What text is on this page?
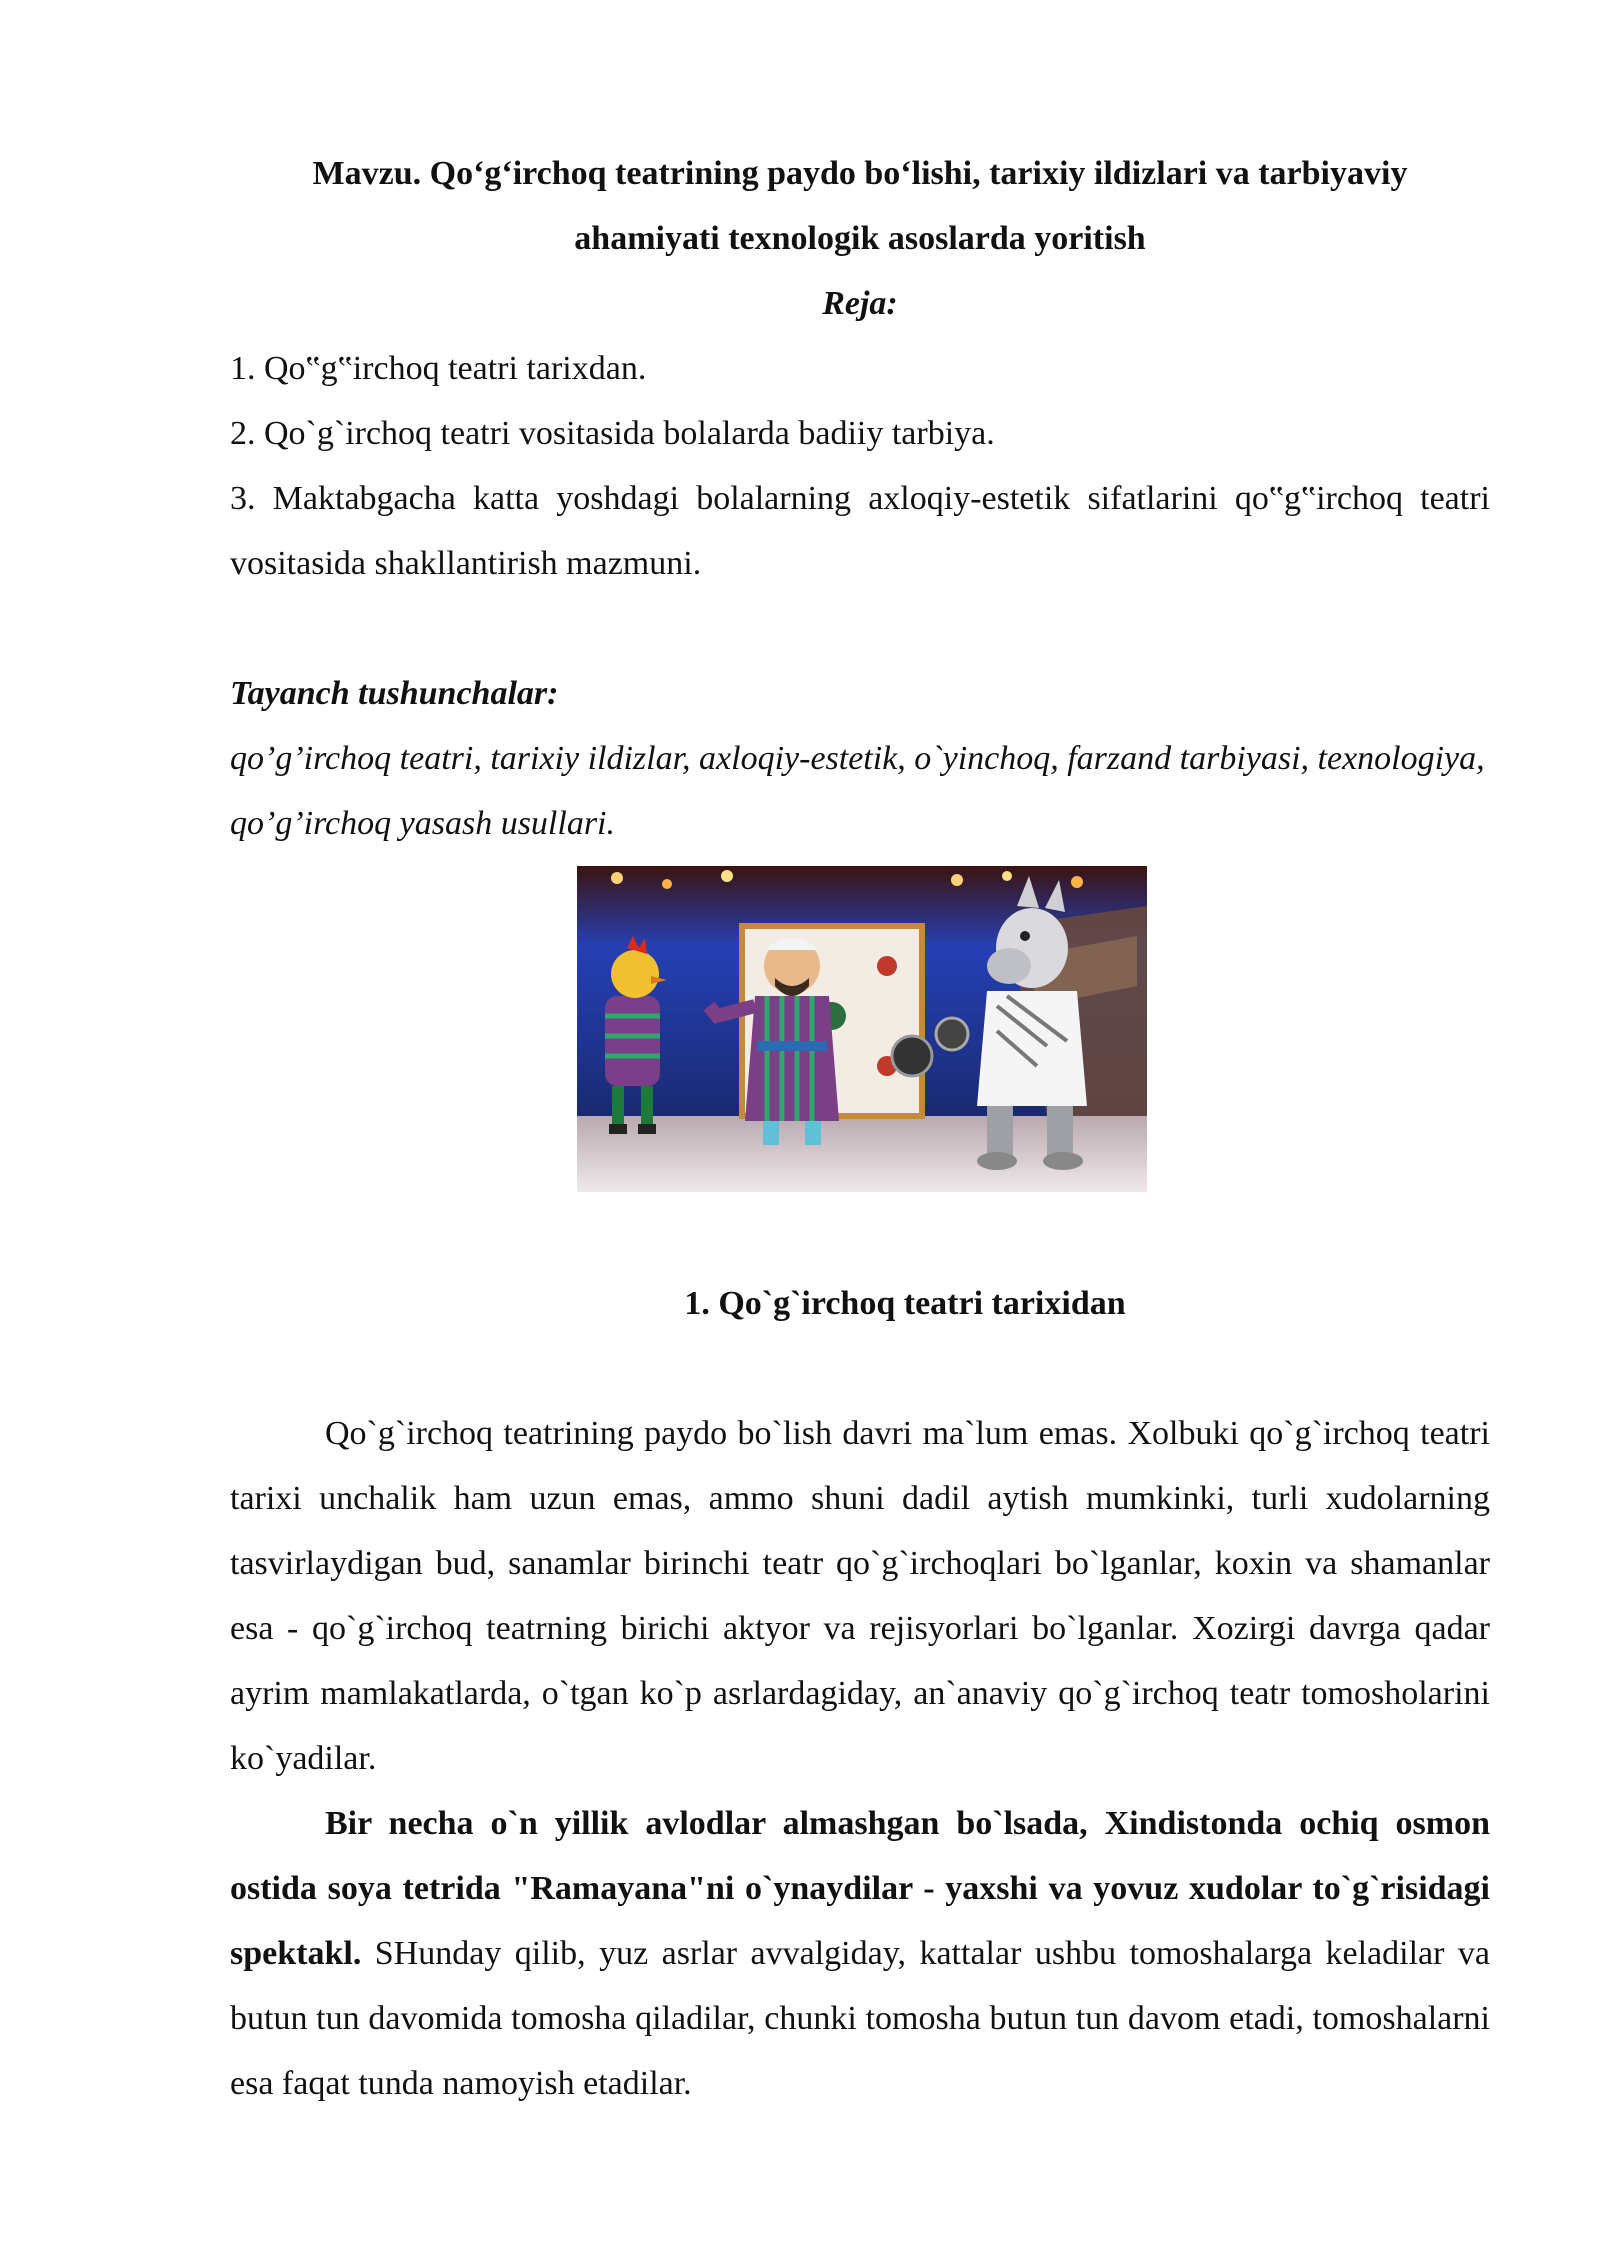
Mavzu. Qo‘g‘irchoq teatrining paydo bo‘lishi, tarixiy ildizlari va tarbiyaviy
ahamiyati texnologik asoslarda yoritish
Reja:
1. Qo‟g‟irchoq teatri tarixdan.
2. Qo`g`irchoq teatri vositasida bolalarda badiiy tarbiya.
3. Maktabgacha katta yoshdagi bolalarning axloqiy-estetik sifatlarini qo‟g‟irchoq teatri vositasida shakllantirish mazmuni.
Tayanch tushunchalar:
qo’g’irchoq teatri, tarixiy ildizlar, axloqiy-estetik, o`yinchoq, farzand tarbiyasi, texnologiya, qo’g’irchoq yasash usullari.
1. Qo`g`irchoq teatri tarixidan
Qo`g`irchoq teatrining paydo bo`lish davri ma`lum emas. Xolbuki qo`g`irchoq teatri tarixi unchalik ham uzun emas, ammo shuni dadil aytish mumkinki, turli xudolarning tasvirlaydigan bud, sanamlar birinchi teatr qo`g`irchoqlari bo`lganlar, koxin va shamanlar esa - qo`g`irchoq teatrning birichi aktyor va rejisyorlari bo`lganlar. Xozirgi davrga qadar ayrim mamlakatlarda, o`tgan ko`p asrlardagiday, an`anaviy qo`g`irchoq teatr tomosholarini ko`yadilar.
Bir necha o`n yillik avlodlar almashgan bo`lsada, Xindistonda ochiq osmon ostida soya tetrida "Ramayana"ni o`ynaydilar - yaxshi va yovuz xudolar to`g`risidagi spektakl. SHunday qilib, yuz asrlar avvalgiday, kattalar ushbu tomoshalarga keladilar va butun tun davomida tomosha qiladilar, chunki tomosha butun tun davom etadi, tomoshalarni esa faqat tunda namoyish etadilar.
